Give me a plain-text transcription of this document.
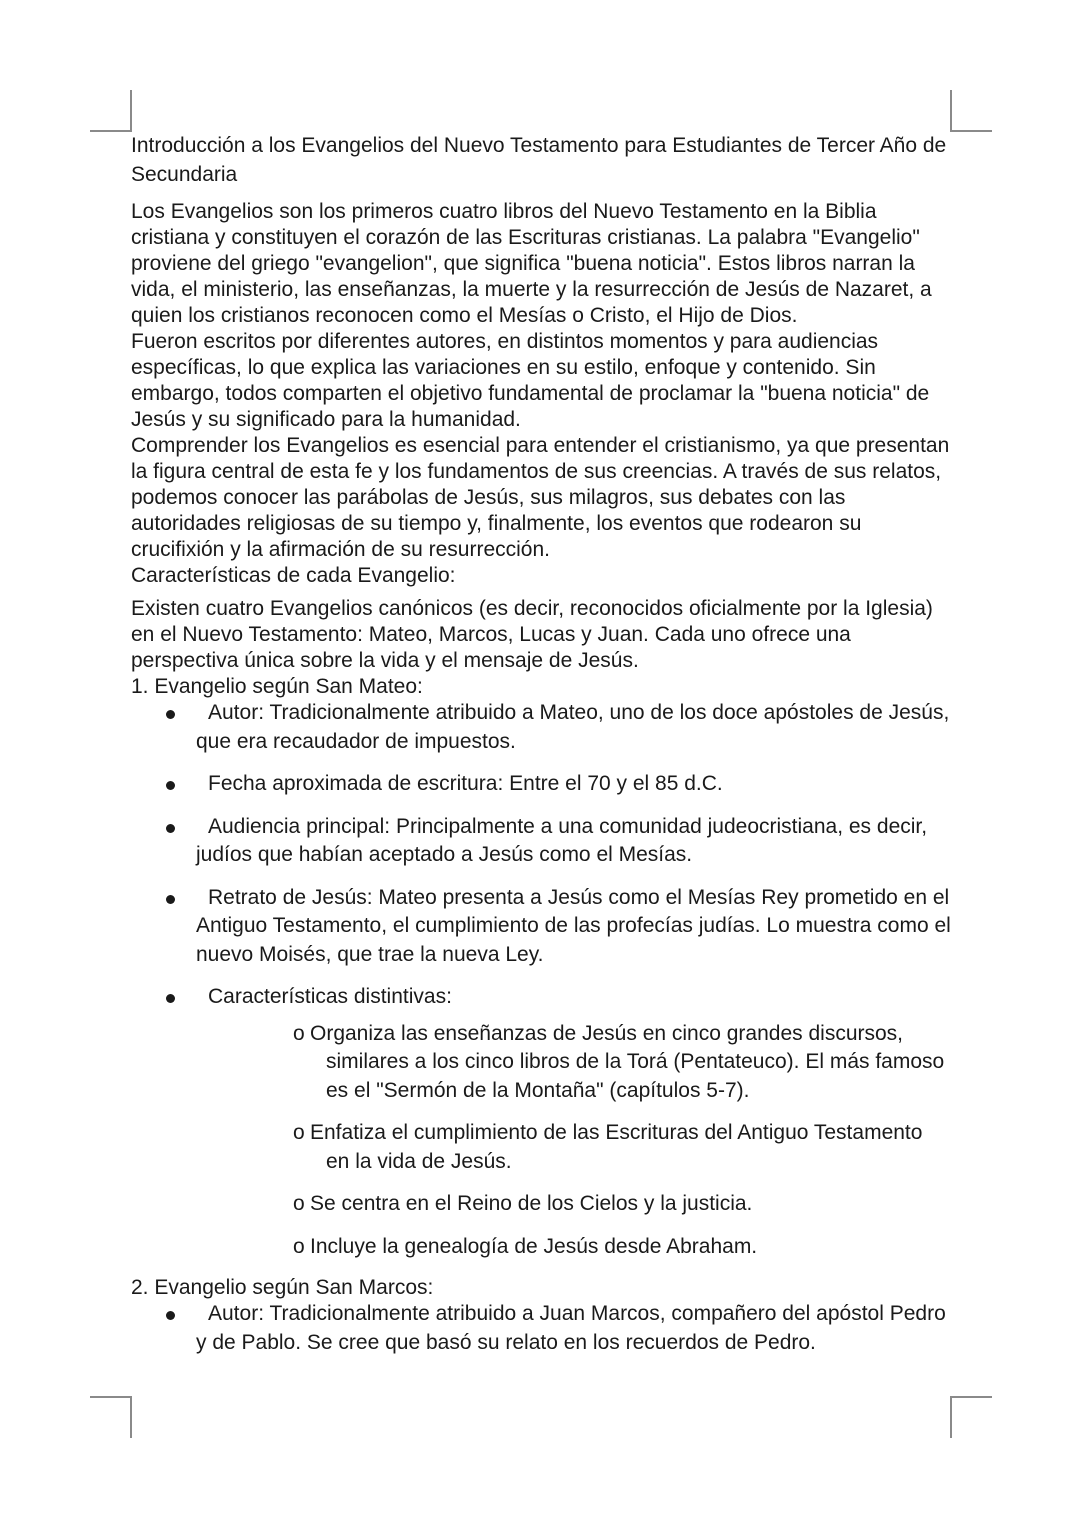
Introducción a los Evangelios del Nuevo Testamento para Estudiantes de Tercer Año de Secundaria

Los Evangelios son los primeros cuatro libros del Nuevo Testamento en la Biblia cristiana y constituyen el corazón de las Escrituras cristianas. La palabra "Evangelio" proviene del griego "evangelion", que significa "buena noticia". Estos libros narran la vida, el ministerio, las enseñanzas, la muerte y la resurrección de Jesús de Nazaret, a quien los cristianos reconocen como el Mesías o Cristo, el Hijo de Dios.

Fueron escritos por diferentes autores, en distintos momentos y para audiencias específicas, lo que explica las variaciones en su estilo, enfoque y contenido. Sin embargo, todos comparten el objetivo fundamental de proclamar la "buena noticia" de Jesús y su significado para la humanidad.

Comprender los Evangelios es esencial para entender el cristianismo, ya que presentan la figura central de esta fe y los fundamentos de sus creencias. A través de sus relatos, podemos conocer las parábolas de Jesús, sus milagros, sus debates con las autoridades religiosas de su tiempo y, finalmente, los eventos que rodearon su crucifixión y la afirmación de su resurrección.

Características de cada Evangelio:

Existen cuatro Evangelios canónicos (es decir, reconocidos oficialmente por la Iglesia) en el Nuevo Testamento: Mateo, Marcos, Lucas y Juan. Cada uno ofrece una perspectiva única sobre la vida y el mensaje de Jesús.

1. Evangelio según San Mateo:

Autor: Tradicionalmente atribuido a Mateo, uno de los doce apóstoles de Jesús, que era recaudador de impuestos.
Fecha aproximada de escritura: Entre el 70 y el 85 d.C.
Audiencia principal: Principalmente a una comunidad judeocristiana, es decir, judíos que habían aceptado a Jesús como el Mesías.
Retrato de Jesús: Mateo presenta a Jesús como el Mesías Rey prometido en el Antiguo Testamento, el cumplimiento de las profecías judías. Lo muestra como el nuevo Moisés, que trae la nueva Ley.
Características distintivas:
o Organiza las enseñanzas de Jesús en cinco grandes discursos, similares a los cinco libros de la Torá (Pentateuco). El más famoso es el "Sermón de la Montaña" (capítulos 5-7).
o Enfatiza el cumplimiento de las Escrituras del Antiguo Testamento en la vida de Jesús.
o Se centra en el Reino de los Cielos y la justicia.
o Incluye la genealogía de Jesús desde Abraham.

2. Evangelio según San Marcos:

Autor: Tradicionalmente atribuido a Juan Marcos, compañero del apóstol Pedro y de Pablo. Se cree que basó su relato en los recuerdos de Pedro.
